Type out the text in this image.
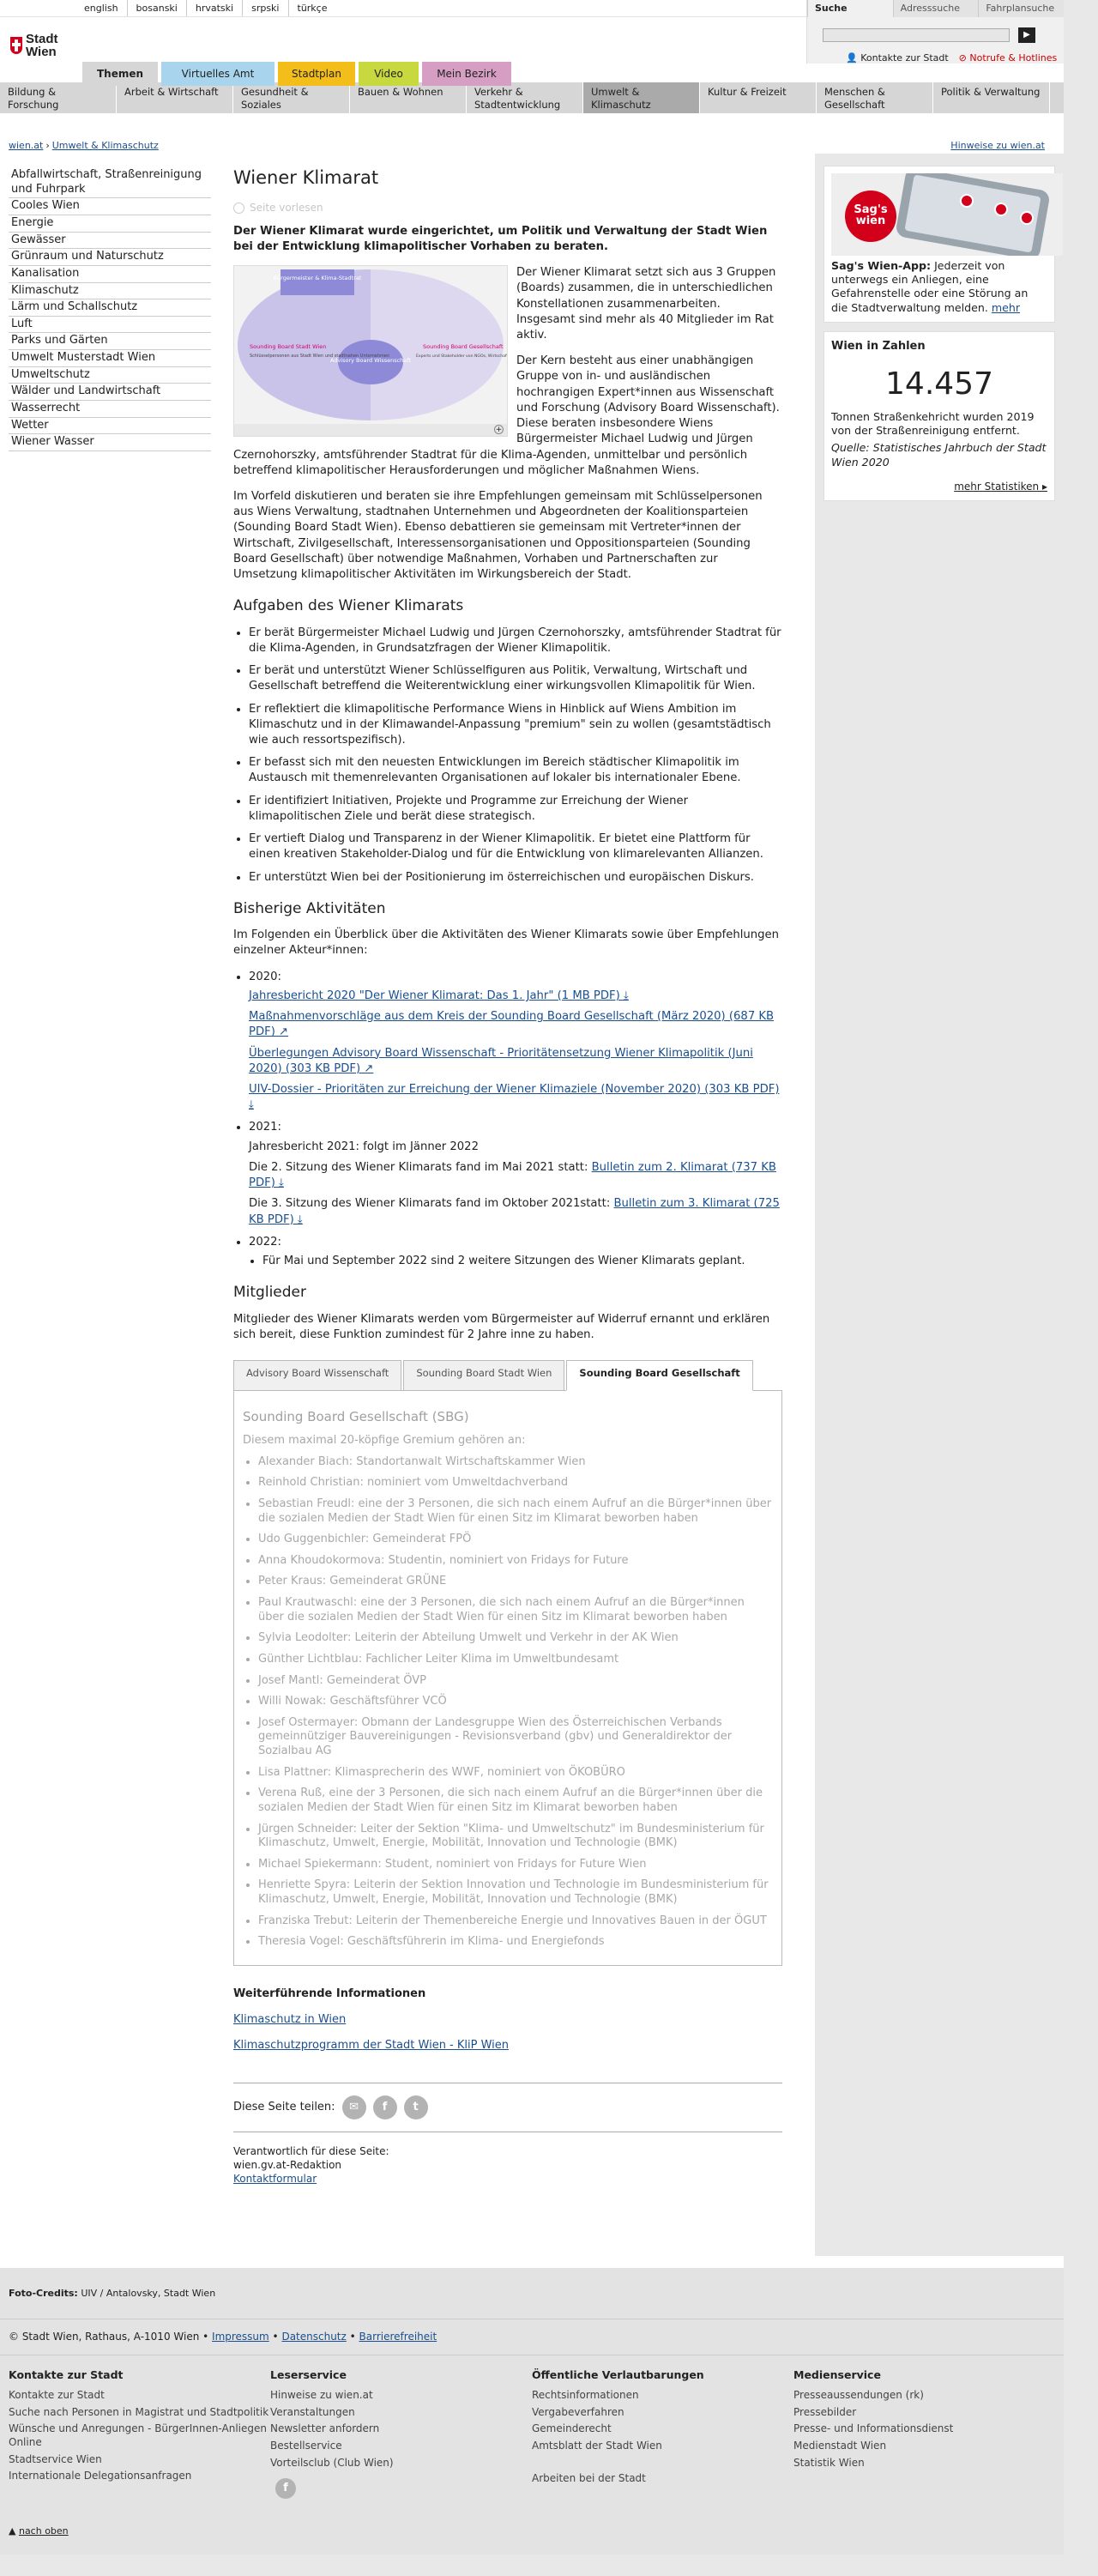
english	bosanski	hrvatski	srpski	türkçe
Stadt
Wien
Suche	Adresssuche	Fahrplansuche
▶
👤 Kontakte zur Stadt ⊘ Notrufe & Hotlines
Themen	Virtuelles Amt	Stadtplan	Video	Mein Bezirk
Bildung & Forschung
Arbeit & Wirtschaft	Gesundheit & Soziales
Bauen & Wohnen	Verkehr & Stadtentwicklung
Umwelt & Klimaschutz
Kultur & Freizeit	Menschen & Gesellschaft
Politik & Verwaltung
wien.at › Umwelt & Klimaschutz	Hinweise zu wien.at
Abfallwirtschaft, Straßenreinigung und Fuhrpark
Cooles Wien
Energie
Gewässer
Grünraum und Naturschutz
Kanalisation
Klimaschutz
Lärm und Schallschutz
Luft
Parks und Gärten
Umwelt Musterstadt Wien
Umweltschutz
Wälder und Landwirtschaft
Wasserrecht
Wetter
Wiener Wasser
Wiener Klimarat
Seite vorlesen
Der Wiener Klimarat wurde eingerichtet, um Politik und Verwaltung der Stadt Wien bei der Entwicklung klimapolitischer Vorhaben zu beraten.
Bürgermeister & Klima-Stadtrat
Advisory Board Wissenschaft
Sounding Board Stadt Wien
Schlüsselpersonen aus Stadt Wien und stadtnahen Unternehmen
Sounding Board Gesellschaft
Experts und Stakeholder von NGOs, Wirtschaf
+
Der Wiener Klimarat setzt sich aus 3 Gruppen (Boards) zusammen, die in unterschiedlichen Konstellationen zusammenarbeiten. Insgesamt sind mehr als 40 Mitglieder im Rat aktiv.
Der Kern besteht aus einer unabhängigen Gruppe von in- und ausländischen hochrangigen Expert*innen aus Wissenschaft und Forschung (Advisory Board Wissenschaft). Diese beraten insbesondere Wiens Bürgermeister Michael Ludwig und Jürgen Czernohorszky, amtsführender Stadtrat für die Klima-Agenden, unmittelbar und persönlich betreffend klimapolitischer Herausforderungen und möglicher Maßnahmen Wiens.
Im Vorfeld diskutieren und beraten sie ihre Empfehlungen gemeinsam mit Schlüsselpersonen aus Wiens Verwaltung, stadtnahen Unternehmen und Abgeordneten der Koalitionsparteien (Sounding Board Stadt Wien). Ebenso debattieren sie gemeinsam mit Vertreter*innen der Wirtschaft, Zivilgesellschaft, Interessensorganisationen und Oppositionsparteien (Sounding Board Gesellschaft) über notwendige Maßnahmen, Vorhaben und Partnerschaften zur Umsetzung klimapolitischer Aktivitäten im Wirkungsbereich der Stadt.
Aufgaben des Wiener Klimarats
• Er berät Bürgermeister Michael Ludwig und Jürgen Czernohorszky, amtsführender Stadtrat für die Klima-Agenden, in Grundsatzfragen der Wiener Klimapolitik.
• Er berät und unterstützt Wiener Schlüsselfiguren aus Politik, Verwaltung, Wirtschaft und Gesellschaft betreffend die Weiterentwicklung einer wirkungsvollen Klimapolitik für Wien.
• Er reflektiert die klimapolitische Performance Wiens in Hinblick auf Wiens Ambition im Klimaschutz und in der Klimawandel-Anpassung "premium" sein zu wollen (gesamtstädtisch wie auch ressortspezifisch).
• Er befasst sich mit den neuesten Entwicklungen im Bereich städtischer Klimapolitik im Austausch mit themenrelevanten Organisationen auf lokaler bis internationaler Ebene.
• Er identifiziert Initiativen, Projekte und Programme zur Erreichung der Wiener klimapolitischen Ziele und berät diese strategisch.
• Er vertieft Dialog und Transparenz in der Wiener Klimapolitik. Er bietet eine Plattform für einen kreativen Stakeholder-Dialog und für die Entwicklung von klimarelevanten Allianzen.
• Er unterstützt Wien bei der Positionierung im österreichischen und europäischen Diskurs.
Bisherige Aktivitäten
Im Folgenden ein Überblick über die Aktivitäten des Wiener Klimarats sowie über Empfehlungen einzelner Akteur*innen:
• 2020:
Jahresbericht 2020 "Der Wiener Klimarat: Das 1. Jahr" (1 MB PDF) ⤓
Maßnahmenvorschläge aus dem Kreis der Sounding Board Gesellschaft (März 2020) (687 KB PDF) ↗
Überlegungen Advisory Board Wissenschaft - Prioritätensetzung Wiener Klimapolitik (Juni 2020) (303 KB PDF) ↗
UIV-Dossier - Prioritäten zur Erreichung der Wiener Klimaziele (November 2020) (303 KB PDF) ⤓
• 2021:
Jahresbericht 2021: folgt im Jänner 2022
Die 2. Sitzung des Wiener Klimarats fand im Mai 2021 statt: Bulletin zum 2. Klimarat (737 KB PDF) ⤓
Die 3. Sitzung des Wiener Klimarats fand im Oktober 2021statt: Bulletin zum 3. Klimarat (725 KB PDF) ⤓
• 2022:
• Für Mai und September 2022 sind 2 weitere Sitzungen des Wiener Klimarats geplant.
Mitglieder
Mitglieder des Wiener Klimarats werden vom Bürgermeister auf Widerruf ernannt und erklären sich bereit, diese Funktion zumindest für 2 Jahre inne zu haben.
Advisory Board Wissenschaft	Sounding Board Stadt Wien	Sounding Board Gesellschaft
Sounding Board Gesellschaft (SBG)
Diesem maximal 20-köpfige Gremium gehören an:
• Alexander Biach: Standortanwalt Wirtschaftskammer Wien
• Reinhold Christian: nominiert vom Umweltdachverband
• Sebastian Freudl: eine der 3 Personen, die sich nach einem Aufruf an die Bürger*innen über die sozialen Medien der Stadt Wien für einen Sitz im Klimarat beworben haben
• Udo Guggenbichler: Gemeinderat FPÖ
• Anna Khoudokormova: Studentin, nominiert von Fridays for Future
• Peter Kraus: Gemeinderat GRÜNE
• Paul Krautwaschl: eine der 3 Personen, die sich nach einem Aufruf an die Bürger*innen über die sozialen Medien der Stadt Wien für einen Sitz im Klimarat beworben haben
• Sylvia Leodolter: Leiterin der Abteilung Umwelt und Verkehr in der AK Wien
• Günther Lichtblau: Fachlicher Leiter Klima im Umweltbundesamt
• Josef Mantl: Gemeinderat ÖVP
• Willi Nowak: Geschäftsführer VCÖ
• Josef Ostermayer: Obmann der Landesgruppe Wien des Österreichischen Verbands gemeinnütziger Bauvereinigungen - Revisionsverband (gbv) und Generaldirektor der Sozialbau AG
• Lisa Plattner: Klimasprecherin des WWF, nominiert von ÖKOBÜRO
• Verena Ruß, eine der 3 Personen, die sich nach einem Aufruf an die Bürger*innen über die sozialen Medien der Stadt Wien für einen Sitz im Klimarat beworben haben
• Jürgen Schneider: Leiter der Sektion "Klima- und Umweltschutz" im Bundesministerium für Klimaschutz, Umwelt, Energie, Mobilität, Innovation und Technologie (BMK)
• Michael Spiekermann: Student, nominiert von Fridays for Future Wien
• Henriette Spyra: Leiterin der Sektion Innovation und Technologie im Bundesministerium für Klimaschutz, Umwelt, Energie, Mobilität, Innovation und Technologie (BMK)
• Franziska Trebut: Leiterin der Themenbereiche Energie und Innovatives Bauen in der ÖGUT
• Theresia Vogel: Geschäftsführerin im Klima- und Energiefonds
Weiterführende Informationen
Klimaschutz in Wien
Klimaschutzprogramm der Stadt Wien - KliP Wien
Diese Seite teilen:	✉	f	t
Verantwortlich für diese Seite:
wien.gv.at-Redaktion
Kontaktformular
Sag's wien

Sag's Wien-App: Jederzeit von unterwegs ein Anliegen, eine Gefahrenstelle oder eine Störung an die Stadtverwaltung melden. mehr

Wien in Zahlen
14.457

Tonnen Straßenkehricht wurden 2019 von der Straßenreinigung entfernt.

Quelle: Statistisches Jahrbuch der Stadt Wien 2020

mehr Statistiken ▸
Foto-Credits: UIV / Antalovsky, Stadt Wien
© Stadt Wien, Rathaus, A-1010 Wien • Impressum • Datenschutz • Barrierefreiheit
Kontakte zur Stadt
Kontakte zur Stadt
Suche nach Personen in Magistrat und Stadtpolitik
Wünsche und Anregungen - BürgerInnen-Anliegen Online
Stadtservice Wien
Internationale Delegationsanfragen
Leserservice
Hinweise zu wien.at
Veranstaltungen
Newsletter anfordern
Bestellservice
Vorteilsclub (Club Wien)
f
Öffentliche Verlautbarungen
Rechtsinformationen
Vergabeverfahren
Gemeinderecht
Amtsblatt der Stadt Wien
Arbeiten bei der Stadt
Medienservice
Presseaussendungen (rk)
Pressebilder
Presse- und Informationsdienst
Medienstadt Wien
Statistik Wien
▲ nach oben
